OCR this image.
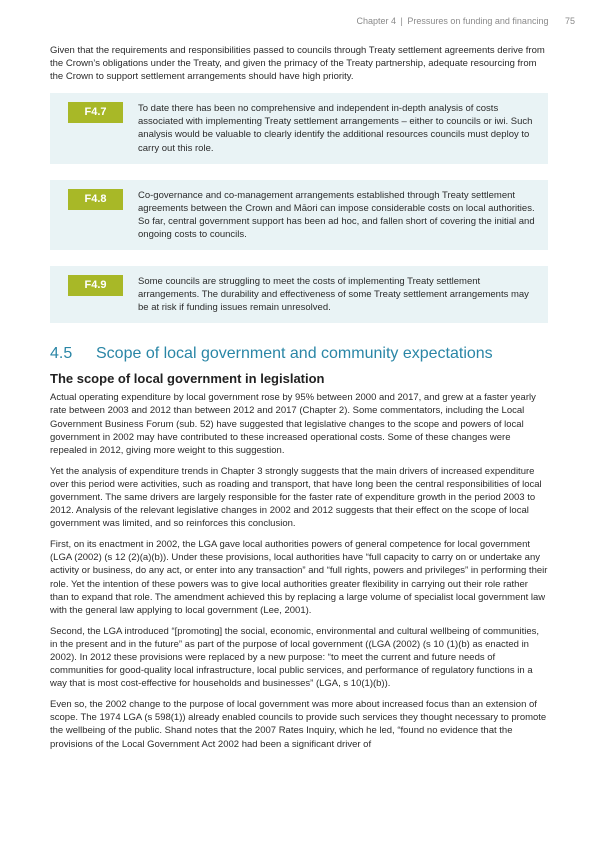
Chapter 4 | Pressures on funding and financing 75

Given that the requirements and responsibilities passed to councils through Treaty settlement agreements derive from the Crown’s obligations under the Treaty, and given the primacy of the Treaty partnership, adequate resourcing from the Crown to support settlement arrangements should have high priority.

F4.7	To date there has been no comprehensive and independent in-depth analysis of costs associated with implementing Treaty settlement arrangements – either to councils or iwi. Such analysis would be valuable to clearly identify the additional resources councils must deploy to carry out this role.
F4.8	Co-governance and co-management arrangements established through Treaty settlement agreements between the Crown and Māori can impose considerable costs on local authorities. So far, central government support has been ad hoc, and fallen short of covering the initial and ongoing costs to councils.
F4.9	Some councils are struggling to meet the costs of implementing Treaty settlement arrangements. The durability and effectiveness of some Treaty settlement arrangements may be at risk if funding issues remain unresolved.
4.5 Scope of local government and community expectations
The scope of local government in legislation

Actual operating expenditure by local government rose by 95% between 2000 and 2017, and grew at a faster yearly rate between 2003 and 2012 than between 2012 and 2017 (Chapter 2). Some commentators, including the Local Government Business Forum (sub. 52) have suggested that legislative changes to the scope and powers of local government in 2002 may have contributed to these increased operational costs. Some of these changes were repealed in 2012, giving more weight to this suggestion.

Yet the analysis of expenditure trends in Chapter 3 strongly suggests that the main drivers of increased expenditure over this period were activities, such as roading and transport, that have long been the central responsibilities of local government. The same drivers are largely responsible for the faster rate of expenditure growth in the period 2003 to 2012. Analysis of the relevant legislative changes in 2002 and 2012 suggests that their effect on the scope of local government was limited, and so reinforces this conclusion.

First, on its enactment in 2002, the LGA gave local authorities powers of general competence for local government (LGA (2002) (s 12 (2)(a)(b)). Under these provisions, local authorities have “full capacity to carry on or undertake any activity or business, do any act, or enter into any transaction” and “full rights, powers and privileges” in performing their role. Yet the intention of these powers was to give local authorities greater flexibility in carrying out their role rather than to expand that role. The amendment achieved this by replacing a large volume of specialist local government law with the general law applying to local government (Lee, 2001).

Second, the LGA introduced “[promoting] the social, economic, environmental and cultural wellbeing of communities, in the present and in the future” as part of the purpose of local government ((LGA (2002) (s 10 (1)(b) as enacted in 2002). In 2012 these provisions were replaced by a new purpose: “to meet the current and future needs of communities for good-quality local infrastructure, local public services, and performance of regulatory functions in a way that is most cost-effective for households and businesses” (LGA, s 10(1)(b)).

Even so, the 2002 change to the purpose of local government was more about increased focus than an extension of scope. The 1974 LGA (s 598(1)) already enabled councils to provide such services they thought necessary to promote the wellbeing of the public. Shand notes that the 2007 Rates Inquiry, which he led, “found no evidence that the provisions of the Local Government Act 2002 had been a significant driver of
